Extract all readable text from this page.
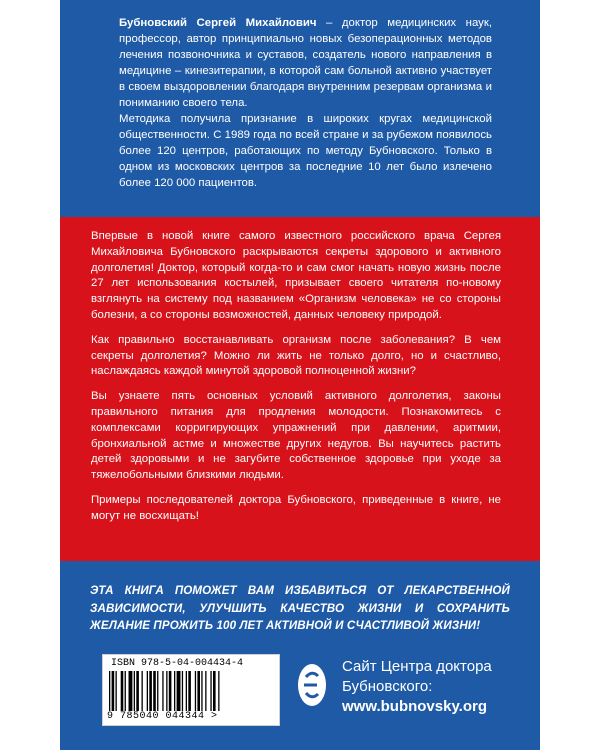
Бубновский Сергей Михайлович – доктор медицинских наук, профессор, автор принципиально новых безоперационных методов лечения позвоночника и суставов, создатель нового направления в медицине – кинезитерапии, в которой сам больной активно участвует в своем выздоровлении благодаря внутренним резервам организма и пониманию своего тела.

Методика получила признание в широких кругах медицинской общественности. С 1989 года по всей стране и за рубежом появилось более 120 центров, работающих по методу Бубновского. Только в одном из московских центров за последние 10 лет было излечено более 120 000 пациентов.

Впервые в новой книге самого известного российского врача Сергея Михайловича Бубновского раскрываются секреты здорового и активного долголетия! Доктор, который когда-то и сам смог начать новую жизнь после 27 лет использования костылей, призывает своего читателя по-новому взглянуть на систему под названием «Организм человека» не со стороны болезни, а со стороны возможностей, данных человеку природой.

Как правильно восстанавливать организм после заболевания? В чем секреты долголетия? Можно ли жить не только долго, но и счастливо, наслаждаясь каждой минутой здоровой полноценной жизни?

Вы узнаете пять основных условий активного долголетия, законы правильного питания для продления молодости. Познакомитесь с комплексами корригирующих упражнений при давлении, аритмии, бронхиальной астме и множестве других недугов. Вы научитесь растить детей здоровыми и не загубите собственное здоровье при уходе за тяжелобольными близкими людьми.

Примеры последователей доктора Бубновского, приведенные в книге, не могут не восхищать!

ЭТА КНИГА ПОМОЖЕТ ВАМ ИЗБАВИТЬСЯ ОТ ЛЕКАРСТВЕННОЙ ЗАВИСИМОСТИ, УЛУЧШИТЬ КАЧЕСТВО ЖИЗНИ И СОХРАНИТЬ ЖЕЛАНИЕ ПРОЖИТЬ 100 ЛЕТ АКТИВНОЙ И СЧАСТЛИВОЙ ЖИЗНИ!
ISBN 978-5-04-004434-4
9 785040 044344 >
Сайт Центра доктора
Бубновского:
www.bubnovsky.org
